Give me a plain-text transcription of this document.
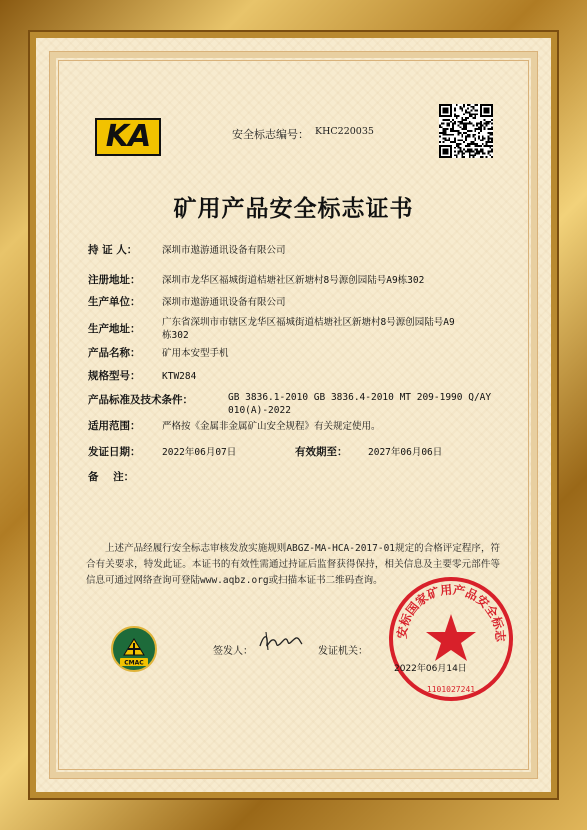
KA	安全标志编号： KHC220035
矿用产品安全标志证书
持 证 人：	深圳市遨游通讯设备有限公司
注册地址： 深圳市龙华区福城街道桔塘社区新塘村8号源创园陆号A9栋302
生产单位： 深圳市遨游通讯设备有限公司
生产地址：
广东省深圳市市辖区龙华区福城街道桔塘社区新塘村8号源创园陆号A9
栋302
产品名称： 矿用本安型手机
规格型号： KTW284
产品标准及技术条件：	GB 3836.1-2010 GB 3836.4-2010 MT 209-1990 Q/AY
010(A)-2022
适用范围： 严格按《金属非金属矿山安全规程》有关规定使用。
发证日期： 2022年06月07日	有效期至： 2027年06月06日
备    注：
上述产品经履行安全标志审核发放实施规则ABGZ-MA-HCA-2017-01规定的合格评定程序，符合有关要求，特发此证。本证书的有效性需通过持证后监督获得保持，相关信息及主要零元部件等信息可通过网络查询可登陆www.aqbz.org或扫描本证书二维码查询。
CMAC
签发人：	发证机关：
安标国家矿用产品安全标志
1101027241
2022年06月14日
